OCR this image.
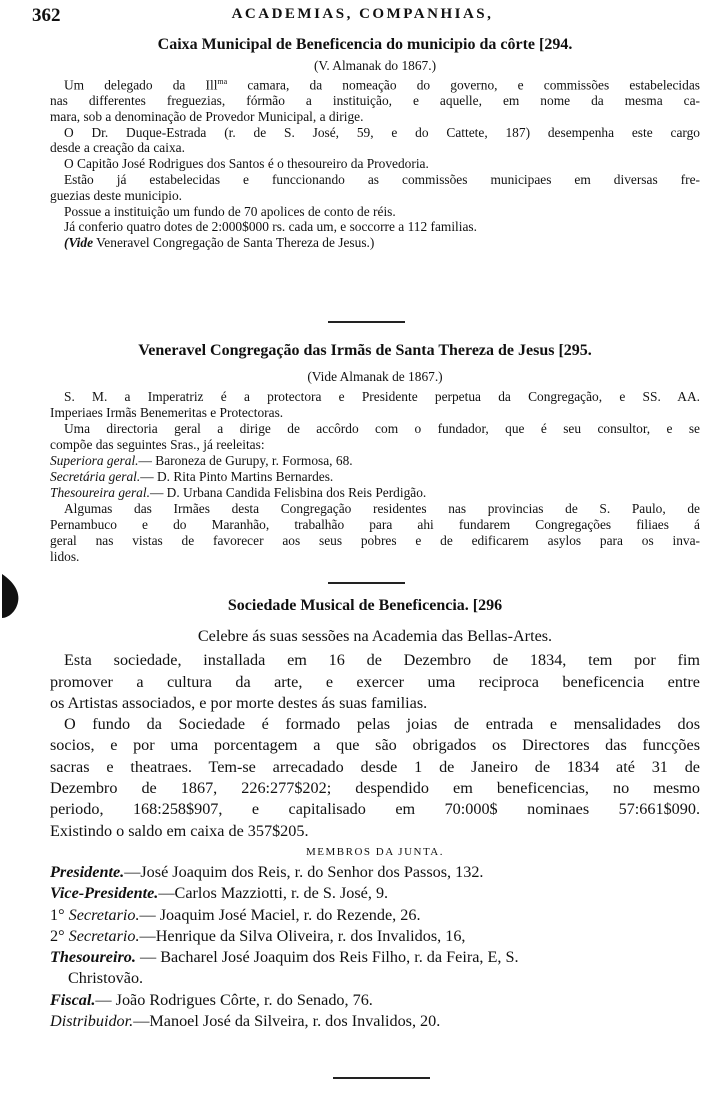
362	ACADEMIAS, COMPANHIAS,
Caixa Municipal de Beneficencia do municipio da côrte [294.
(V. Almanak do 1867.)
Um delegado da Ill$^{ma}$ camara, da nomeação do governo, e commissões estabelecidas
nas differentes freguezias, fórmão a instituição, e aquelle, em nome da mesma ca-
mara, sob a denominação de Provedor Municipal, a dirige.
O Dr. Duque-Estrada (r. de S. José, 59, e do Cattete, 187) desempenha este cargo
desde a creação da caixa.
O Capitão José Rodrigues dos Santos é o thesoureiro da Provedoria.
Estão já estabelecidas e funccionando as commissões municipaes em diversas fre-
guezias deste municipio.
Possue a instituição um fundo de 70 apolices de conto de réis.
Já conferio quatro dotes de 2:000$000 rs. cada um, e soccorre a 112 familias.
(Vide Veneravel Congregação de Santa Thereza de Jesus.)
Veneravel Congregação das Irmãs de Santa Thereza de Jesus [295.
(Vide Almanak de 1867.)
S. M. a Imperatriz é a protectora e Presidente perpetua da Congregação, e SS. AA.
Imperiaes Irmãs Benemeritas e Protectoras.
Uma directoria geral a dirige de accôrdo com o fundador, que é seu consultor, e se
compõe das seguintes Sras., já reeleitas:
Superiora geral.— Baroneza de Gurupy, r. Formosa, 68.
Secretária geral.— D. Rita Pinto Martins Bernardes.
Thesoureira geral.— D. Urbana Candida Felisbina dos Reis Perdigão.
Algumas das Irmães desta Congregação residentes nas provincias de S. Paulo, de
Pernambuco e do Maranhão, trabalhão para ahi fundarem Congregações filiaes á
geral nas vistas de favorecer aos seus pobres e de edificarem asylos para os inva-
lidos.
Sociedade Musical de Beneficencia. [296
Celebre ás suas sessões na Academia das Bellas-Artes.
Esta sociedade, installada em 16 de Dezembro de 1834, tem por fim
promover a cultura da arte, e exercer uma reciproca beneficencia entre
os Artistas associados, e por morte destes ás suas familias.
O fundo da Sociedade é formado pelas joias de entrada e mensalidades dos
socios, e por uma porcentagem a que são obrigados os Directores das funcções
sacras e theatraes. Tem-se arrecadado desde 1 de Janeiro de 1834 até 31 de
Dezembro de 1867, 226:277$202; despendido em beneficencias, no mesmo
periodo, 168:258$907, e capitalisado em 70:000$ nominaes 57:661$090.
Existindo o saldo em caixa de 357$205.
MEMBROS DA JUNTA.
Presidente.—José Joaquim dos Reis, r. do Senhor dos Passos, 132.
Vice-Presidente.—Carlos Mazziotti, r. de S. José, 9.
1° Secretario.— Joaquim José Maciel, r. do Rezende, 26.
2° Secretario.—Henrique da Silva Oliveira, r. dos Invalidos, 16,
Thesoureiro. — Bacharel José Joaquim dos Reis Filho, r. da Feira, E, S.
Christovão.
Fiscal.— João Rodrigues Côrte, r. do Senado, 76.
Distribuidor.—Manoel José da Silveira, r. dos Invalidos, 20.
